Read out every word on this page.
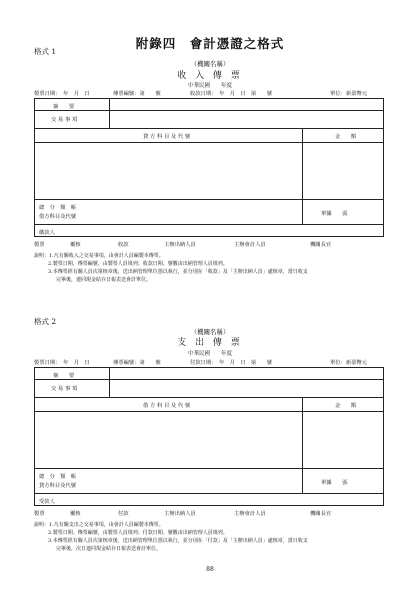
附錄四　會計憑證之格式
格式 1
（機關名稱）
收 入 傳 票
中華民國　　年度
製票日期：　年　月　日	傳票編號：第　　號	收款日期：　年　月　日　第　　號	單位：新臺幣元
摘　　要
交 易 事 項
貸 方 科 目 及 代 號	金　　額
總　分　類　帳
借方科目及代號	單據　　張
繳款人
製票	覆核	收款	主辦出納人員	主辦會計人員	機關長官
說明：1.凡有關收入之交易事項，由會計人員編製本傳票。
2.製票日期，傳票編號，由製票人員填列；收款日期、號數由出納管理人員填列。
3.本傳票經有關人員次第核章後，送出納管理單位憑以執行，並分別在「收款」及「主辦出納人員」處核章，當日收支
完畢後，連同現金結存日報表送會計單位。
格式 2
（機關名稱）
支 出 傳 票
中華民國　　年度
製票日期：　年　月　日	傳票編號：第　　號	付款日期：　年　月　日　第　　號	單位：新臺幣元
摘　　要
交 易 事 項
借 方 科 目 及 代 號	金　　額
總　分　類　帳
貸方科目及代號	單據　　張
受款人
製票	覆核	付款	主辦出納人員	主辦會計人員	機關長官
說明：1.凡有關支出之交易事項，由會計人員編製本傳票。
2.製票日期、傳票編號，由製票人員填列；付款日期、號數由出納管理人員填列。
3.本傳票經有關人員次第核章後，送出納管理單位憑以執行，並分別在「付款」及「主辦出納人員」處核章，當日收支
完畢後，次日連同現金結存日報表送會計單位。
88
